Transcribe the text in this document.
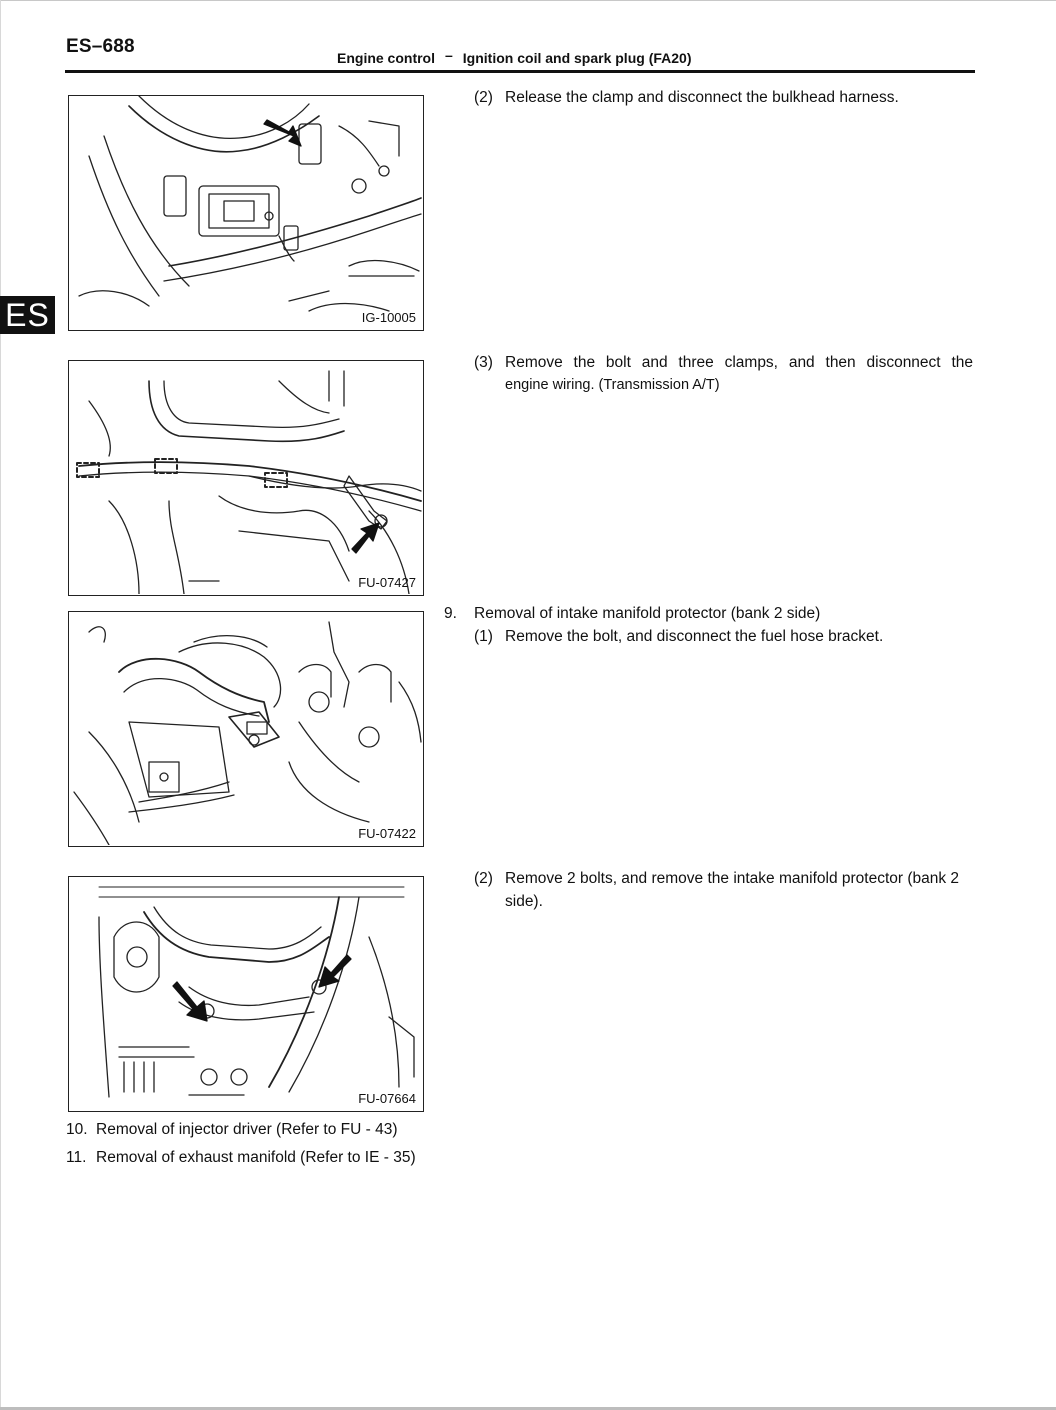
ES–688
Engine control – Ignition coil and spark plug (FA20)
ES	IG-10005
FU-07427
FU-07422
FU-07664
(2) Release the clamp and disconnect the bulkhead harness.
(3) Remove the bolt and three clamps, and then disconnect the
engine wiring. (Transmission A/T)
9. Removal of intake manifold protector (bank 2 side)
(1) Remove the bolt, and disconnect the fuel hose bracket.
(2) Remove 2 bolts, and remove the intake manifold protector (bank 2
side).
10. Removal of injector driver (Refer to FU - 43)
11. Removal of exhaust manifold (Refer to IE - 35)
